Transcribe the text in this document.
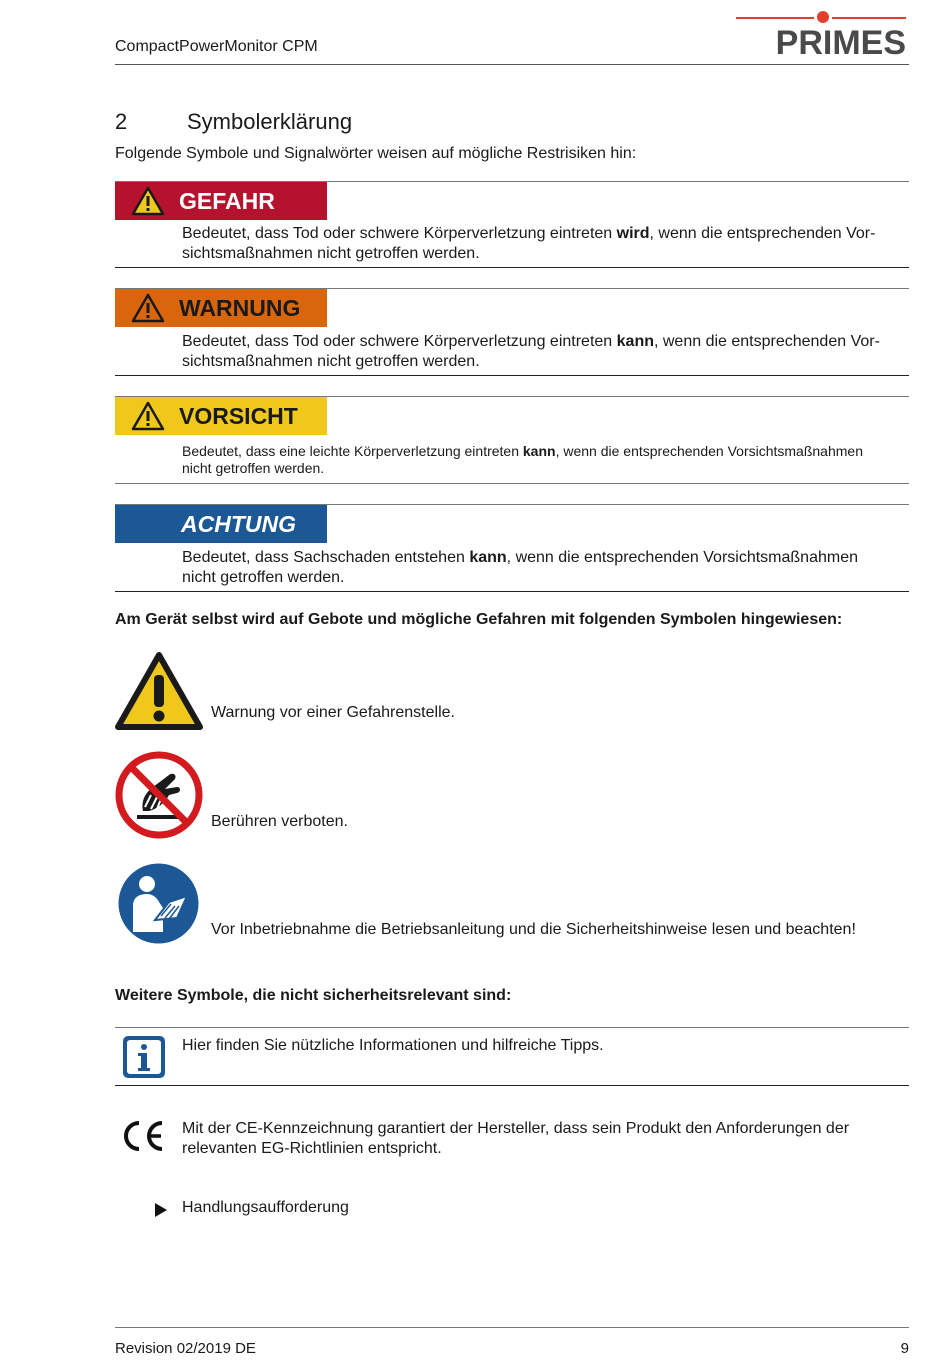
CompactPowerMonitor CPM	PRIMES
2	Symbolerklärung
Folgende Symbole und Signalwörter weisen auf mögliche Restrisiken hin:
GEFAHR
Bedeutet, dass Tod oder schwere Körperverletzung eintreten wird, wenn die entsprechenden Vor-
sichtsmaßnahmen nicht getroffen werden.
WARNUNG
Bedeutet, dass Tod oder schwere Körperverletzung eintreten kann, wenn die entsprechenden Vor-
sichtsmaßnahmen nicht getroffen werden.
VORSICHT
Bedeutet, dass eine leichte Körperverletzung eintreten kann, wenn die entsprechenden Vorsichtsmaßnahmen
nicht getroffen werden.
ACHTUNG
Bedeutet, dass Sachschaden entstehen kann, wenn die entsprechenden Vorsichtsmaßnahmen
nicht getroffen werden.
Am Gerät selbst wird auf Gebote und mögliche Gefahren mit folgenden Symbolen hingewiesen:
Warnung vor einer Gefahrenstelle.
Berühren verboten.
Vor Inbetriebnahme die Betriebsanleitung und die Sicherheitshinweise lesen und beachten!
Weitere Symbole, die nicht sicherheitsrelevant sind:
Hier finden Sie nützliche Informationen und hilfreiche Tipps.
Mit der CE-Kennzeichnung garantiert der Hersteller, dass sein Produkt den Anforderungen der
relevanten EG-Richtlinien entspricht.
Handlungsaufforderung
Revision 02/2019 DE	9
